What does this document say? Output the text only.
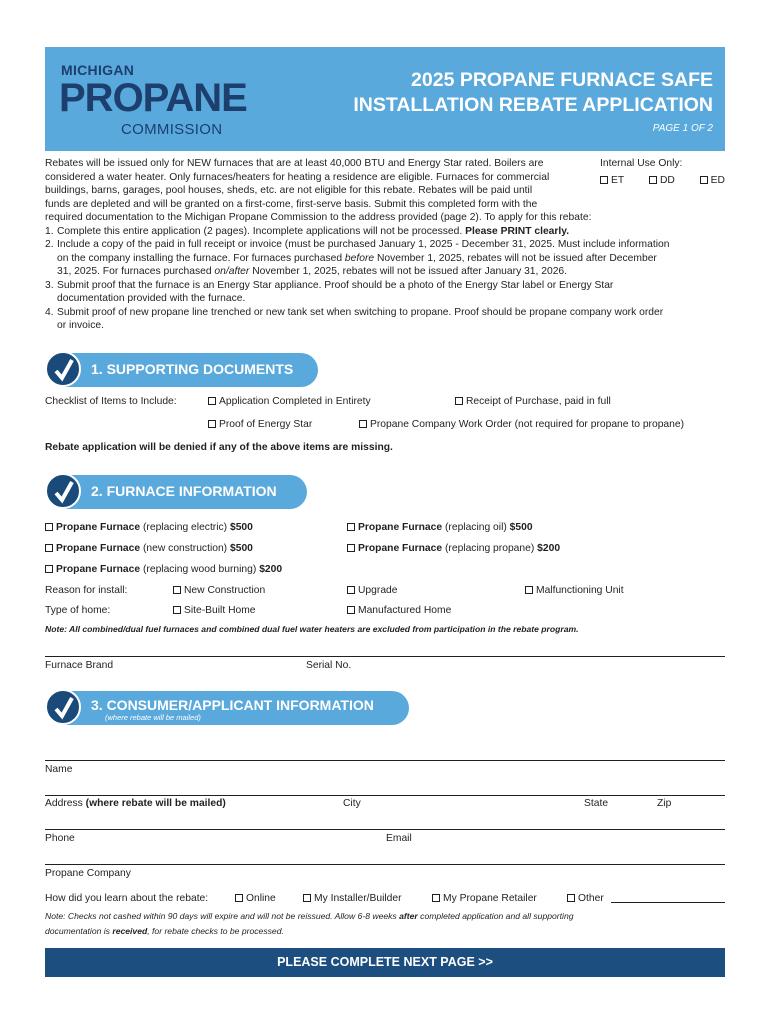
MICHIGAN
PROPANE
COMMISSION
2025 PROPANE FURNACE SAFE
INSTALLATION REBATE APPLICATION
PAGE 1 OF 2
Internal Use Only:
ET	DD	ED

Rebates will be issued only for NEW furnaces that are at least 40,000 BTU and Energy Star rated. Boilers are

considered a water heater. Only furnaces/heaters for heating a residence are eligible. Furnaces for commercial

buildings, barns, garages, pool houses, sheds, etc. are not eligible for this rebate. Rebates will be paid until

funds are depleted and will be granted on a first-come, first-serve basis. Submit this completed form with the

required documentation to the Michigan Propane Commission to the address provided (page 2). To apply for this rebate:

1. Complete this entire application (2 pages). Incomplete applications will not be processed. Please PRINT clearly.
2. Include a copy of the paid in full receipt or invoice (must be purchased January 1, 2025 - December 31, 2025. Must include information
on the company installing the furnace. For furnaces purchased before November 1, 2025, rebates will not be issued after December
31, 2025. For furnaces purchased on/after November 1, 2025, rebates will not be issued after January 31, 2026.
3. Submit proof that the furnace is an Energy Star appliance. Proof should be a photo of the Energy Star label or Energy Star
documentation provided with the furnace.
4. Submit proof of new propane line trenched or new tank set when switching to propane. Proof should be propane company work order
or invoice.
1. SUPPORTING DOCUMENTS
Checklist of Items to Include:	Application Completed in Entirety	Receipt of Purchase, paid in full
Proof of Energy Star	Propane Company Work Order (not required for propane to propane)
Rebate application will be denied if any of the above items are missing.
2. FURNACE INFORMATION
Propane Furnace (replacing electric) $500	Propane Furnace (replacing oil) $500
Propane Furnace (new construction) $500	Propane Furnace (replacing propane) $200
Propane Furnace (replacing wood burning) $200
Reason for install:	New Construction	Upgrade	Malfunctioning Unit
Type of home:	Site-Built Home	Manufactured Home
Note: All combined/dual fuel furnaces and combined dual fuel water heaters are excluded from participation in the rebate program.
Furnace Brand	Serial No.
3. CONSUMER/APPLICANT INFORMATION
(where rebate will be mailed)
Name
Address (where rebate will be mailed)	City	State	Zip
Phone	Email
Propane Company
How did you learn about the rebate:	Online	My Installer/Builder	My Propane Retailer	Other
Note: Checks not cashed within 90 days will expire and will not be reissued. Allow 6-8 weeks after completed application and all supporting
documentation is received, for rebate checks to be processed.
PLEASE COMPLETE NEXT PAGE >>
